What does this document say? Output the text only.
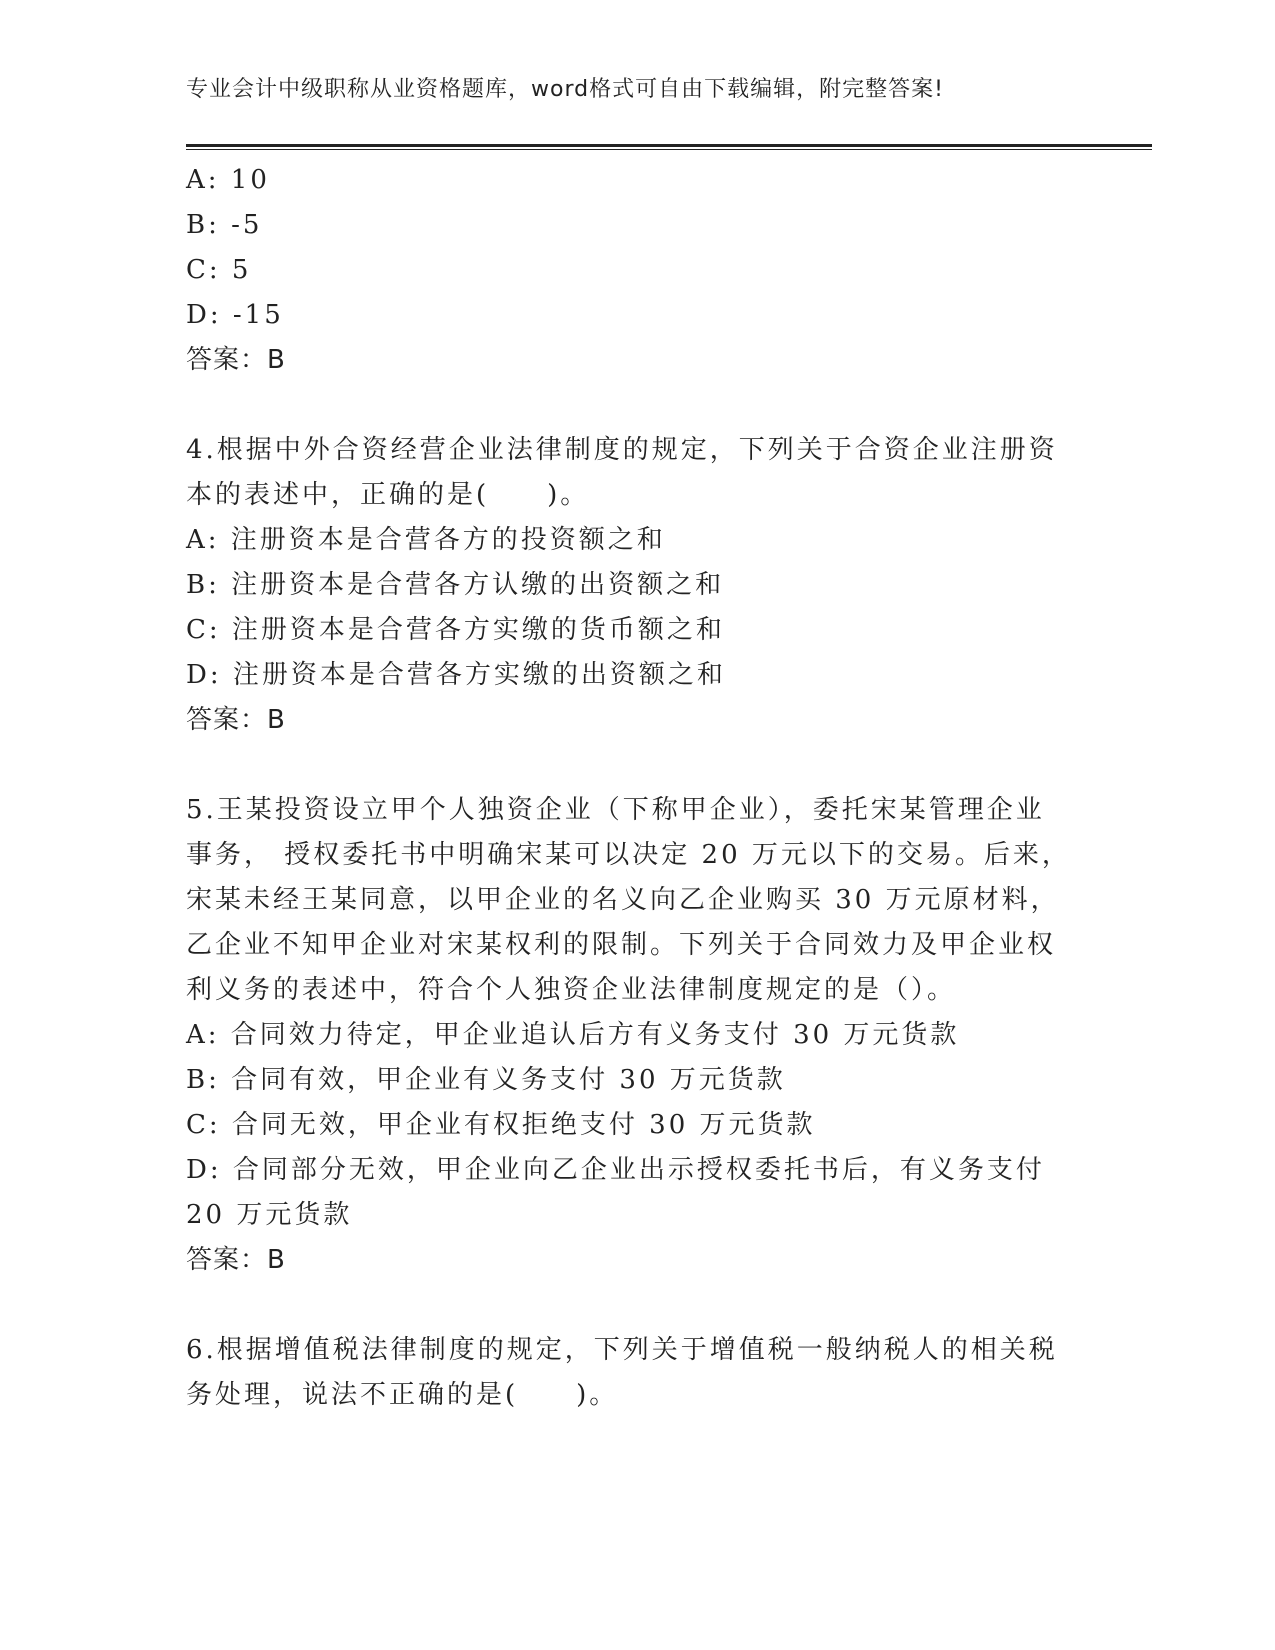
专业会计中级职称从业资格题库，word格式可自由下载编辑，附完整答案!
A: 10
B: -5
C: 5
D: -15
答案：B
4.根据中外合资经营企业法律制度的规定，下列关于合资企业注册资
本的表述中，正确的是(　　)。
A: 注册资本是合营各方的投资额之和
B: 注册资本是合营各方认缴的出资额之和
C: 注册资本是合营各方实缴的货币额之和
D: 注册资本是合营各方实缴的出资额之和
答案：B
5.王某投资设立甲个人独资企业（下称甲企业），委托宋某管理企业
事务， 授权委托书中明确宋某可以决定 20 万元以下的交易。后来，
宋某未经王某同意，以甲企业的名义向乙企业购买 30 万元原材料，
乙企业不知甲企业对宋某权利的限制。下列关于合同效力及甲企业权
利义务的表述中，符合个人独资企业法律制度规定的是（）。
A: 合同效力待定，甲企业追认后方有义务支付 30 万元货款
B: 合同有效，甲企业有义务支付 30 万元货款
C: 合同无效，甲企业有权拒绝支付 30 万元货款
D: 合同部分无效，甲企业向乙企业出示授权委托书后，有义务支付
20 万元货款
答案：B
6.根据增值税法律制度的规定，下列关于增值税一般纳税人的相关税
务处理，说法不正确的是(　　)。
